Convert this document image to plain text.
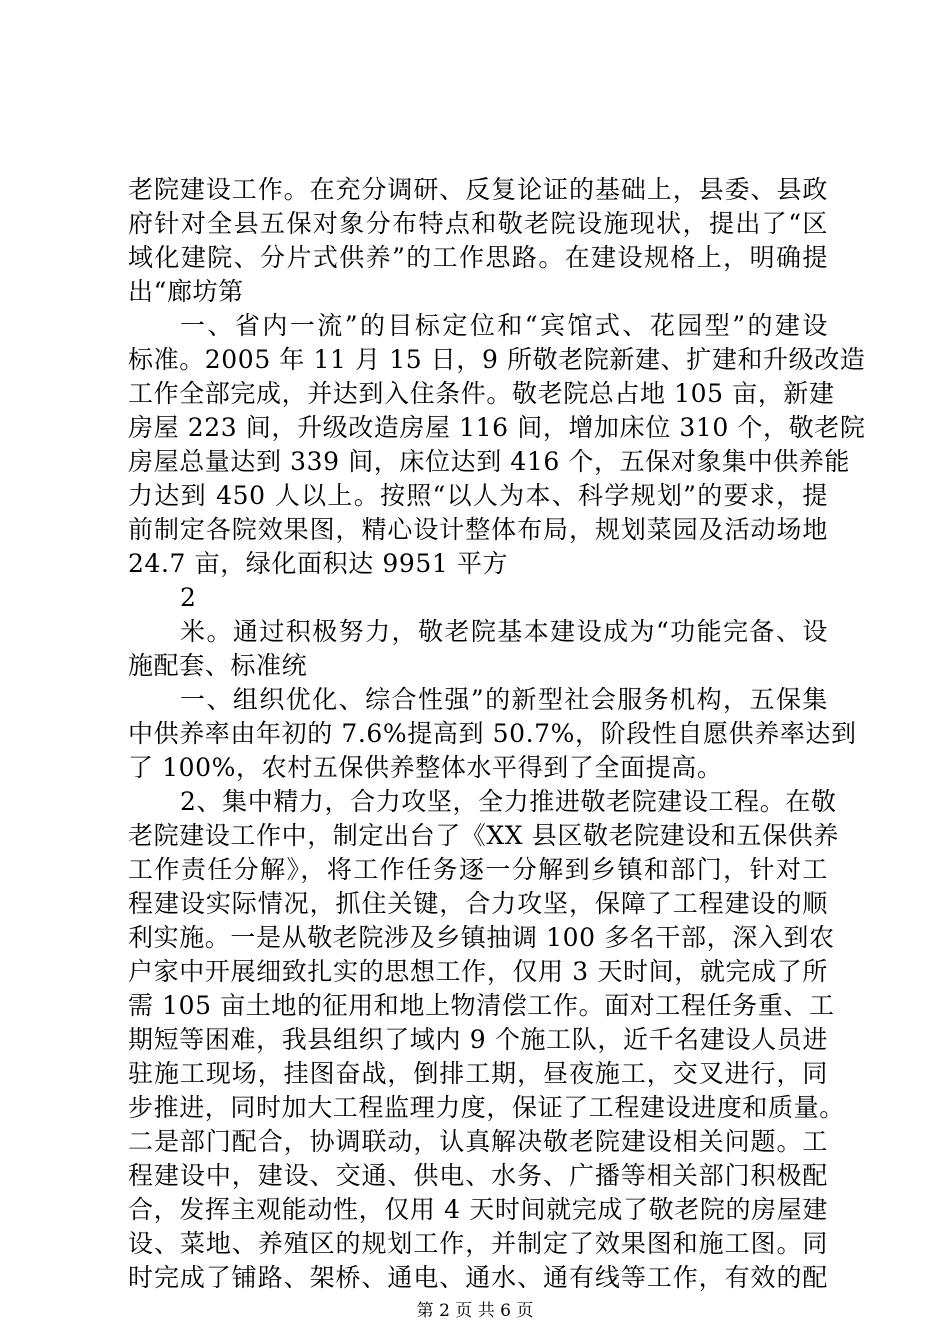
老院建设工作。在充分调研、反复论证的基础上，县委、县政
府针对全县五保对象分布特点和敬老院设施现状，提出了“区
域化建院、分片式供养”的工作思路。在建设规格上，明确提
出“廊坊第
一、省内一流”的目标定位和“宾馆式、花园型”的建设
标准。2005 年 11 月 15 日，9 所敬老院新建、扩建和升级改造
工作全部完成，并达到入住条件。敬老院总占地 105 亩，新建
房屋 223 间，升级改造房屋 116 间，增加床位 310 个，敬老院
房屋总量达到 339 间，床位达到 416 个，五保对象集中供养能
力达到 450 人以上。按照“以人为本、科学规划”的要求，提
前制定各院效果图，精心设计整体布局，规划菜园及活动场地
24.7 亩，绿化面积达 9951 平方
2
米。通过积极努力，敬老院基本建设成为“功能完备、设
施配套、标准统
一、组织优化、综合性强”的新型社会服务机构，五保集
中供养率由年初的 7.6%提高到 50.7%，阶段性自愿供养率达到
了 100%，农村五保供养整体水平得到了全面提高。
2、集中精力，合力攻坚，全力推进敬老院建设工程。在敬
老院建设工作中，制定出台了《XX 县区敬老院建设和五保供养
工作责任分解》，将工作任务逐一分解到乡镇和部门，针对工
程建设实际情况，抓住关键，合力攻坚，保障了工程建设的顺
利实施。一是从敬老院涉及乡镇抽调 100 多名干部，深入到农
户家中开展细致扎实的思想工作，仅用 3 天时间，就完成了所
需 105 亩土地的征用和地上物清偿工作。面对工程任务重、工
期短等困难，我县组织了域内 9 个施工队，近千名建设人员进
驻施工现场，挂图奋战，倒排工期，昼夜施工，交叉进行，同
步推进，同时加大工程监理力度，保证了工程建设进度和质量。
二是部门配合，协调联动，认真解决敬老院建设相关问题。工
程建设中，建设、交通、供电、水务、广播等相关部门积极配
合，发挥主观能动性，仅用 4 天时间就完成了敬老院的房屋建
设、菜地、养殖区的规划工作，并制定了效果图和施工图。同
时完成了铺路、架桥、通电、通水、通有线等工作，有效的配
第 2 页 共 6 页
